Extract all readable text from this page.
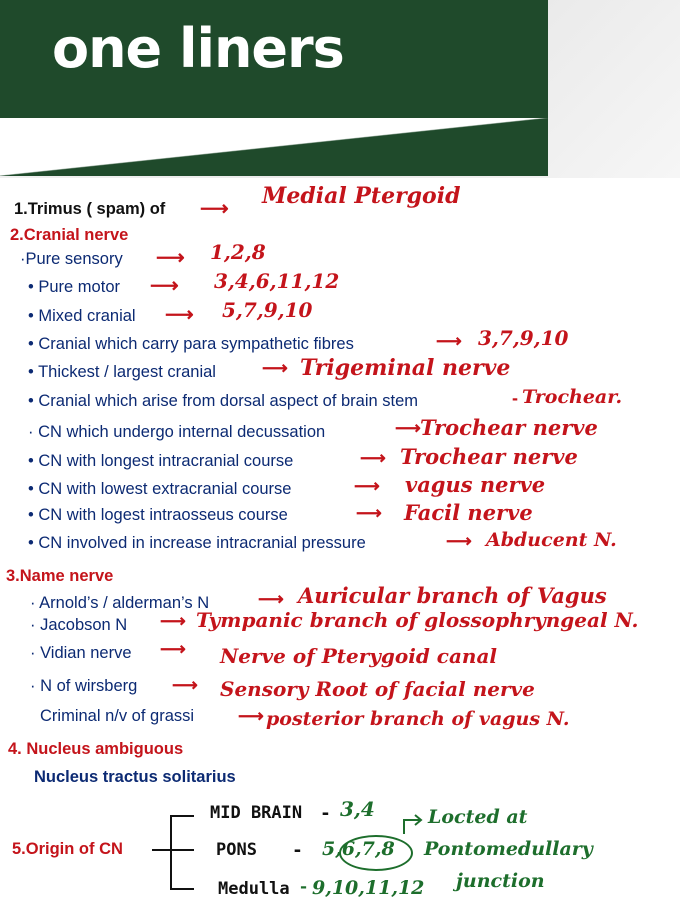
one liners
1.Trimus ( spam) of ⟶ Medial Ptergoid
2.Cranial nerve
·Pure sensory ⟶ 1,2,8
• Pure motor ⟶ 3,4,6,11,12
• Mixed cranial ⟶ 5,7,9,10
• Cranial which carry para sympathetic fibres	⟶ 3,7,9,10
• Thickest / largest cranial	⟶ Trigeminal nerve
• Cranial which arise from dorsal aspect of brain stem	- Trochear.
· CN which undergo internal decussation	⟶ Trochear nerve
• CN with longest intracranial course	⟶ Trochear nerve
• CN with lowest extracranial course	⟶ vagus nerve
• CN with logest intraosseus course	⟶ Facil nerve
• CN involved in increase intracranial pressure	⟶ Abducent N.
3.Name nerve
· Arnold’s / alderman’s N	⟶ Auricular branch of Vagus
· Jacobson N ⟶ Tympanic branch of glossophryngeal N.
· Vidian nerve ⟶ Nerve of Pterygoid canal
· N of wirsberg ⟶ Sensory Root of facial nerve
Criminal n/v of grassi ⟶ posterior branch of vagus N.
4. Nucleus ambiguous
Nucleus tractus solitarius
5.Origin of CN
MID BRAIN - 3,4
PONS - 5,6,7,8
Medulla - 9,10,11,12
Locted at
Pontomedullary
junction
